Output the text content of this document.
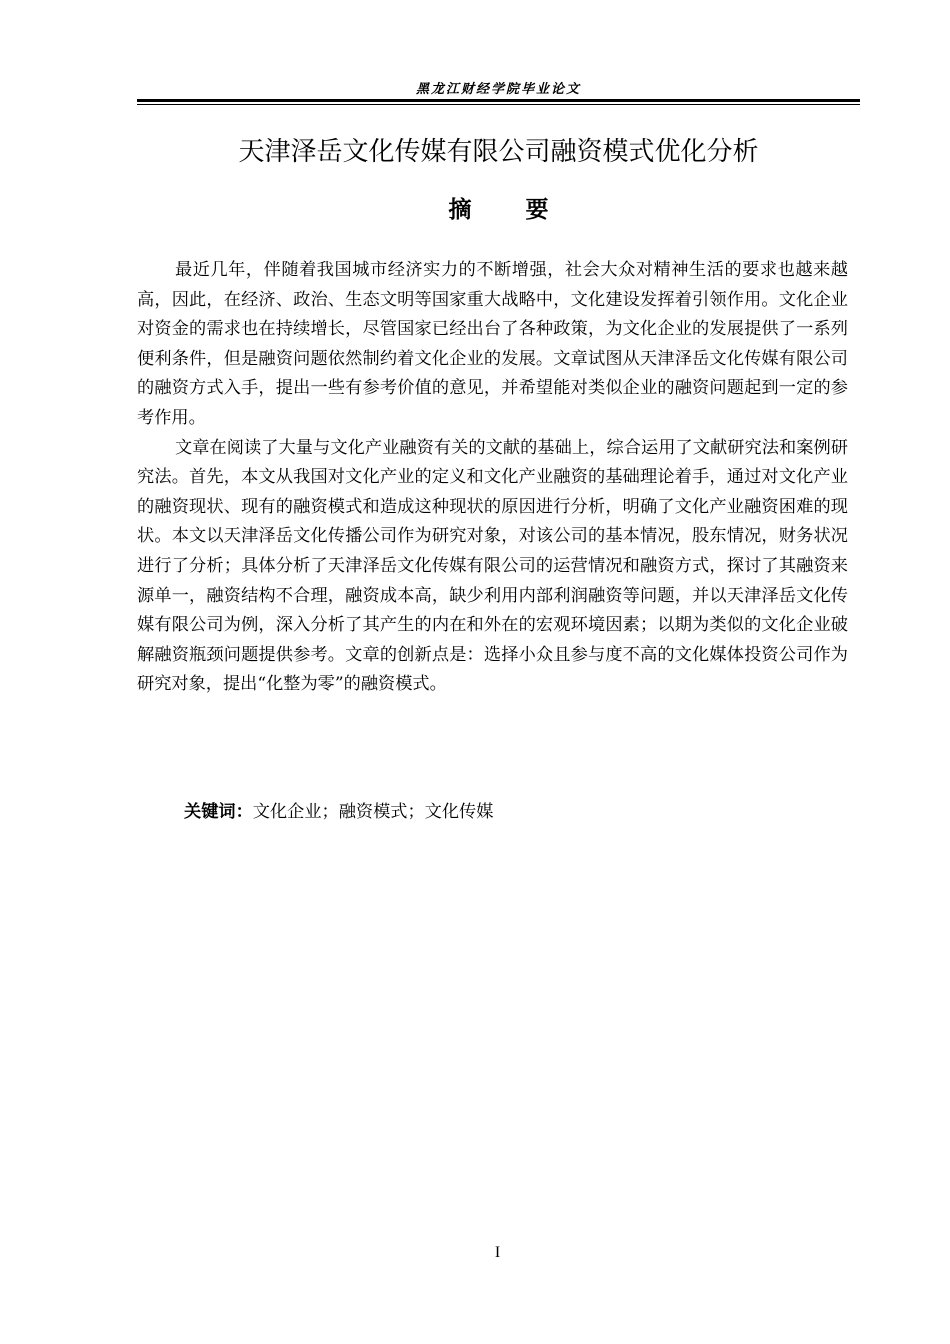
黑龙江财经学院毕业论文
天津泽岳文化传媒有限公司融资模式优化分析
摘要

最近几年，伴随着我国城市经济实力的不断增强，社会大众对精神生活的要求也越来越高，因此，在经济、政治、生态文明等国家重大战略中，文化建设发挥着引领作用。文化企业对资金的需求也在持续增长，尽管国家已经出台了各种政策，为文化企业的发展提供了一系列便利条件，但是融资问题依然制约着文化企业的发展。文章试图从天津泽岳文化传媒有限公司的融资方式入手，提出一些有参考价值的意见，并希望能对类似企业的融资问题起到一定的参考作用。

文章在阅读了大量与文化产业融资有关的文献的基础上，综合运用了文献研究法和案例研究法。首先，本文从我国对文化产业的定义和文化产业融资的基础理论着手，通过对文化产业的融资现状、现有的融资模式和造成这种现状的原因进行分析，明确了文化产业融资困难的现状。本文以天津泽岳文化传播公司作为研究对象，对该公司的基本情况，股东情况，财务状况进行了分析；具体分析了天津泽岳文化传媒有限公司的运营情况和融资方式，探讨了其融资来源单一，融资结构不合理，融资成本高，缺少利用内部利润融资等问题，并以天津泽岳文化传媒有限公司为例，深入分析了其产生的内在和外在的宏观环境因素；以期为类似的文化企业破解融资瓶颈问题提供参考。文章的创新点是：选择小众且参与度不高的文化媒体投资公司作为研究对象，提出“化整为零”的融资模式。

关键词：文化企业；融资模式；文化传媒
I
